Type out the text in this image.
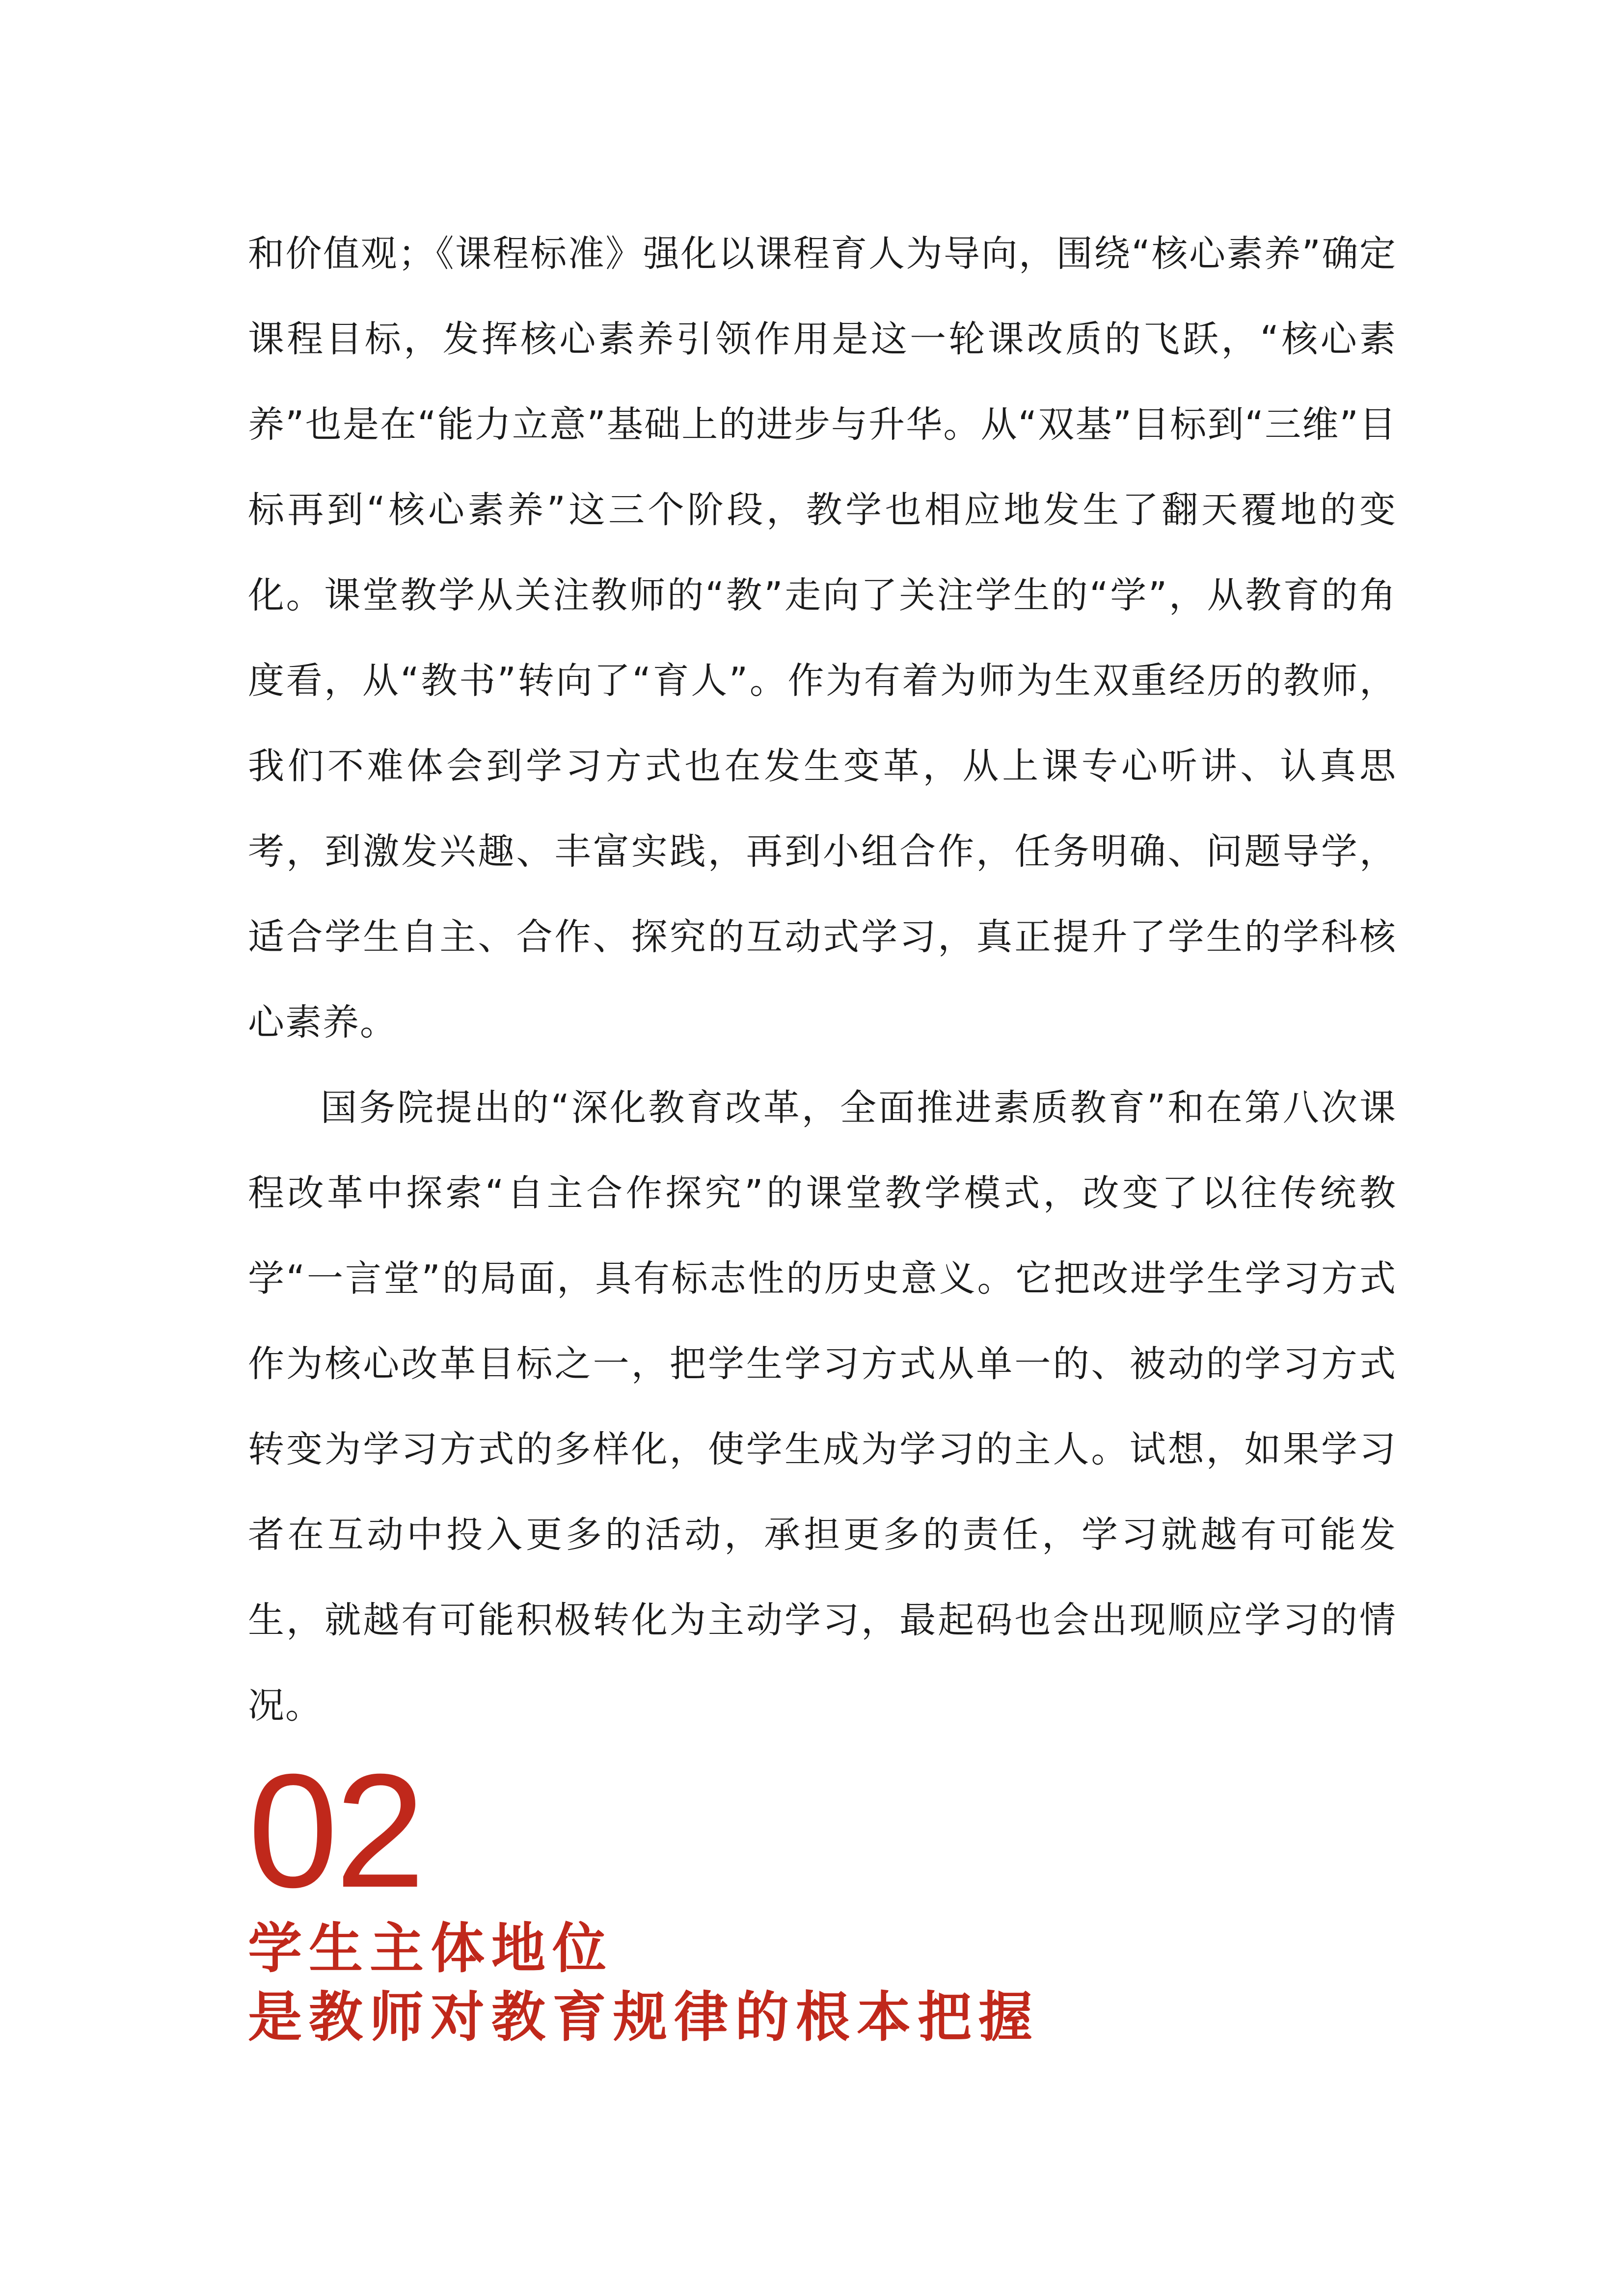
和价值观；《课程标准》强化以课程育人为导向，围绕“核心素养”确定课程目标，发挥核心素养引领作用是这一轮课改质的飞跃，“核心素养”也是在“能力立意”基础上的进步与升华。从“双基”目标到“三维”目标再到“核心素养”这三个阶段，教学也相应地发生了翻天覆地的变化。课堂教学从关注教师的“教”走向了关注学生的“学”，从教育的角度看，从“教书”转向了“育人”。作为有着为师为生双重经历的教师，我们不难体会到学习方式也在发生变革，从上课专心听讲、认真思考，到激发兴趣、丰富实践，再到小组合作，任务明确、问题导学，适合学生自主、合作、探究的互动式学习，真正提升了学生的学科核心素养。

国务院提出的“深化教育改革，全面推进素质教育”和在第八次课程改革中探索“自主合作探究”的课堂教学模式，改变了以往传统教学“一言堂”的局面，具有标志性的历史意义。它把改进学生学习方式作为核心改革目标之一，把学生学习方式从单一的、被动的学习方式转变为学习方式的多样化，使学生成为学习的主人。试想，如果学习者在互动中投入更多的活动，承担更多的责任，学习就越有可能发生，就越有可能积极转化为主动学习，最起码也会出现顺应学习的情况。

02
学生主体地位
是教师对教育规律的根本把握
